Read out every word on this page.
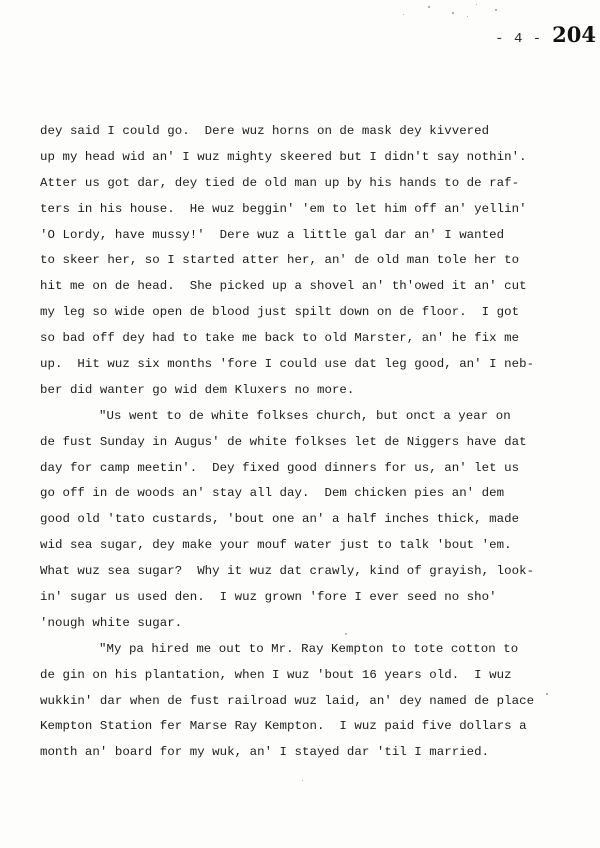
- 4 - 204
dey said I could go.  Dere wuz horns on de mask dey kivvered
up my head wid an' I wuz mighty skeered but I didn't say nothin'.
Atter us got dar, dey tied de old man up by his hands to de raf-
ters in his house.  He wuz beggin' 'em to let him off an' yellin'
'O Lordy, have mussy!'  Dere wuz a little gal dar an' I wanted
to skeer her, so I started atter her, an' de old man tole her to
hit me on de head.  She picked up a shovel an' th'owed it an' cut
my leg so wide open de blood just spilt down on de floor.  I got
so bad off dey had to take me back to old Marster, an' he fix me
up.  Hit wuz six months 'fore I could use dat leg good, an' I neb-
ber did wanter go wid dem Kluxers no more.
"Us went to de white folkses church, but onct a year on
de fust Sunday in Augus' de white folkses let de Niggers have dat
day for camp meetin'.  Dey fixed good dinners for us, an' let us
go off in de woods an' stay all day.  Dem chicken pies an' dem
good old 'tato custards, 'bout one an' a half inches thick, made
wid sea sugar, dey make your mouf water just to talk 'bout 'em.
What wuz sea sugar?  Why it wuz dat crawly, kind of grayish, look-
in' sugar us used den.  I wuz grown 'fore I ever seed no sho'
'nough white sugar.
"My pa hired me out to Mr. Ray Kempton to tote cotton to
de gin on his plantation, when I wuz 'bout 16 years old.  I wuz
wukkin' dar when de fust railroad wuz laid, an' dey named de place
Kempton Station fer Marse Ray Kempton.  I wuz paid five dollars a
month an' board for my wuk, an' I stayed dar 'til I married.
